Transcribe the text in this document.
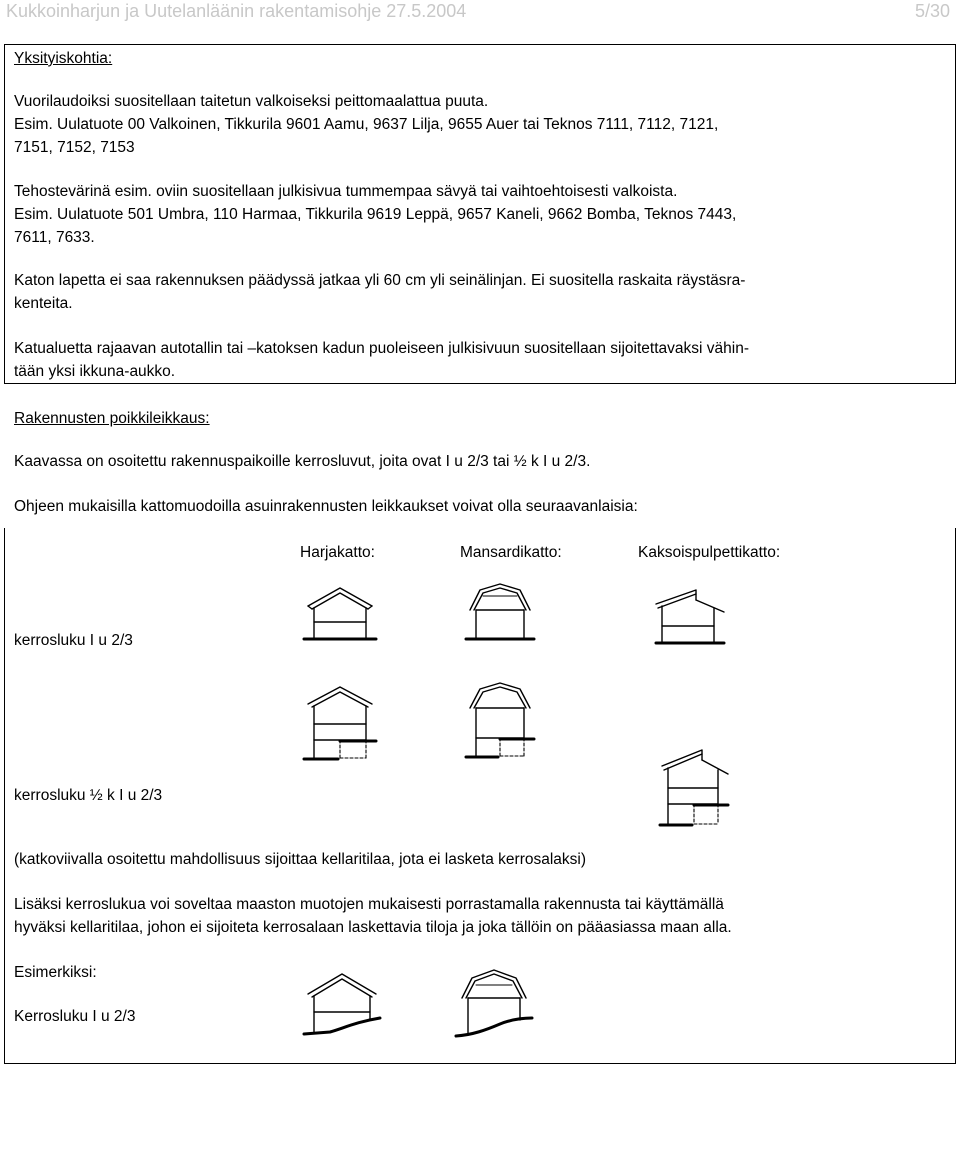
Kukkoinharjun ja Uutelanläänin rakentamisohje 27.5.2004	5/30
Yksityiskohtia:
Vuorilaudoiksi suositellaan taitetun valkoiseksi peittomaalattua puuta.
Esim. Uulatuote 00 Valkoinen, Tikkurila 9601 Aamu, 9637 Lilja, 9655 Auer tai Teknos 7111, 7112, 7121,
7151, 7152, 7153
Tehostevärinä esim. oviin suositellaan julkisivua tummempaa sävyä tai vaihtoehtoisesti valkoista.
Esim. Uulatuote 501 Umbra, 110 Harmaa, Tikkurila 9619 Leppä, 9657 Kaneli, 9662 Bomba, Teknos 7443,
7611, 7633.
Katon lapetta ei saa rakennuksen päädyssä jatkaa yli 60 cm yli seinälinjan. Ei suositella raskaita räystäsra-
kenteita.
Katualuetta rajaavan autotallin tai –katoksen kadun puoleiseen julkisivuun suositellaan sijoitettavaksi vähin-
tään yksi ikkuna-aukko.
Rakennusten poikkileikkaus:
Kaavassa on osoitettu rakennuspaikoille kerrosluvut, joita ovat I u 2/3 tai ½ k I u 2/3.
Ohjeen mukaisilla kattomuodoilla asuinrakennusten leikkaukset voivat olla seuraavanlaisia:
Harjakatto:	Mansardikatto:	Kaksoispulpettikatto:
kerrosluku I u 2/3
kerrosluku ½ k I u 2/3
(katkoviivalla osoitettu mahdollisuus sijoittaa kellaritilaa, jota ei lasketa kerrosalaksi)
Lisäksi kerroslukua voi soveltaa maaston muotojen mukaisesti porrastamalla rakennusta tai käyttämällä
hyväksi kellaritilaa, johon ei sijoiteta kerrosalaan laskettavia tiloja ja joka tällöin on pääasiassa maan alla.
Esimerkiksi:
Kerrosluku I u 2/3
